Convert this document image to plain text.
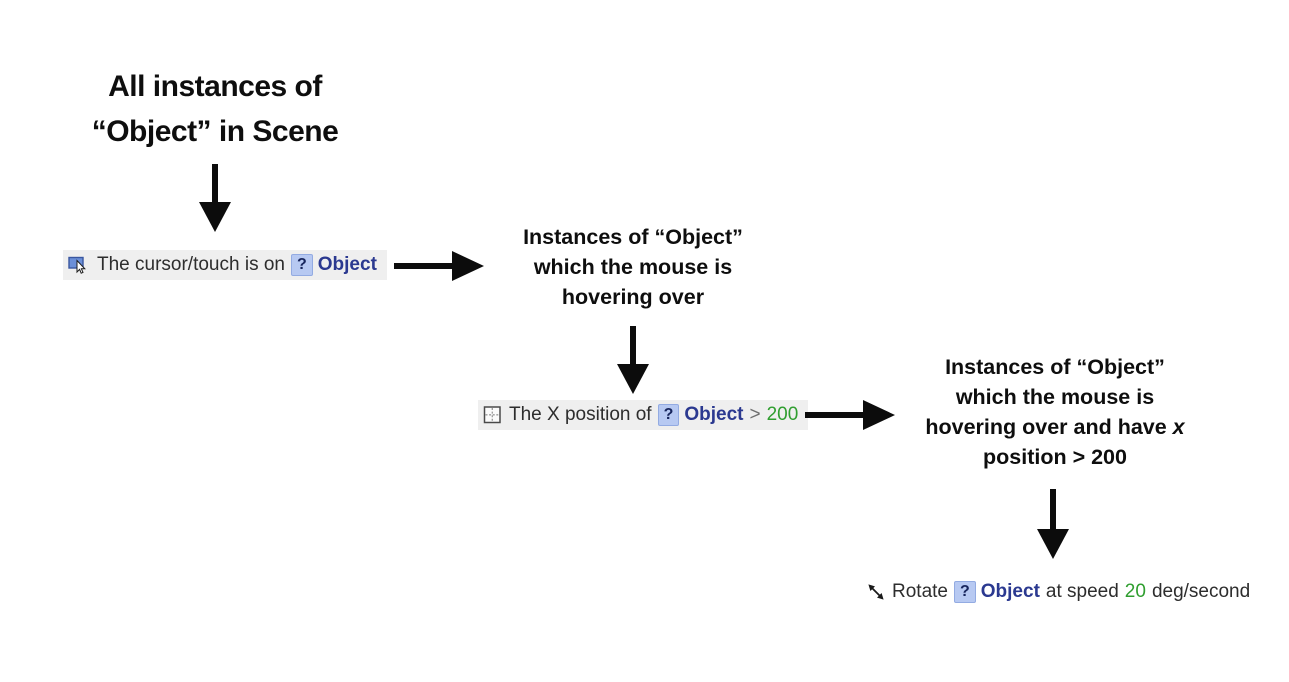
All instances of
“Object” in Scene
The cursor/touch is on ? Object
Instances of “Object”
which the mouse is
hovering over
The X position of ? Object > 200
Instances of “Object”
which the mouse is
hovering over and have x
position > 200
Rotate ? Object at speed 20 deg/second
